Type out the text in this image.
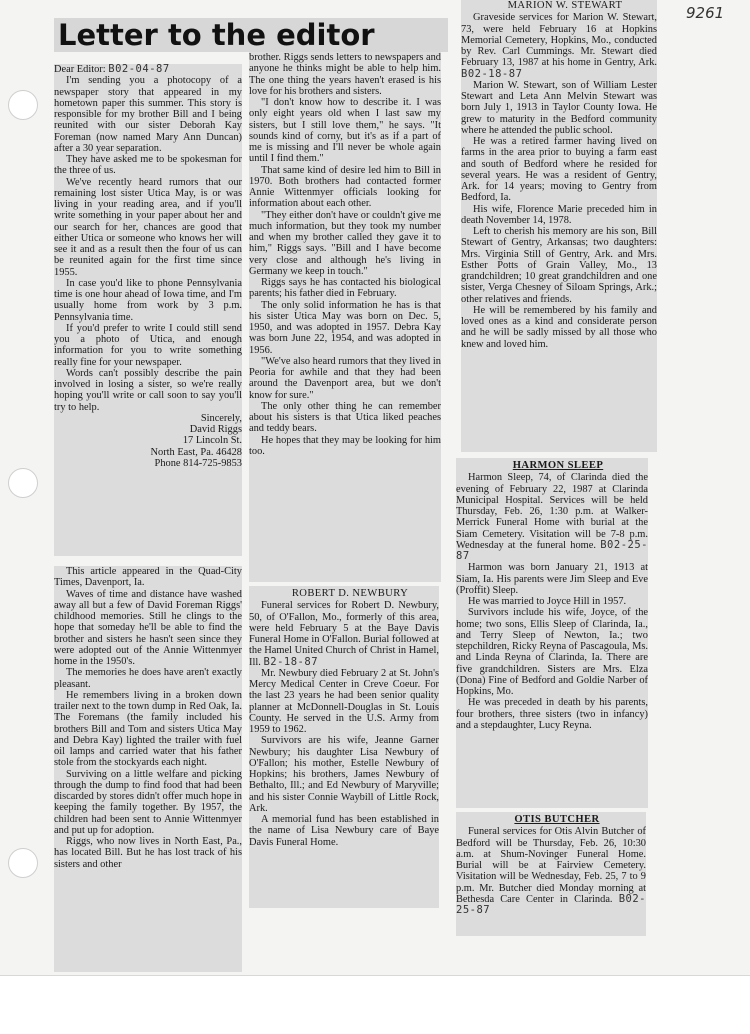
9261
Letter to the editor

Dear Editor: B02-04-87

I'm sending you a photocopy of a newspaper story that appeared in my hometown paper this summer. This story is responsible for my brother Bill and I being reunited with our sister Deborah Kay Foreman (now named Mary Ann Duncan) after a 30 year separation.

They have asked me to be spokesman for the three of us.

We've recently heard rumors that our remaining lost sister Utica May, is or was living in your reading area, and if you'll write something in your paper about her and our search for her, chances are good that either Utica or someone who knows her will see it and as a result then the four of us can be reunited again for the first time since 1955.

In case you'd like to phone Pennsylvania time is one hour ahead of Iowa time, and I'm usually home from work by 3 p.m. Pennsylvania time.

If you'd prefer to write I could still send you a photo of Utica, and enough information for you to write something really fine for your newspaper.

Words can't possibly describe the pain involved in losing a sister, so we're really hoping you'll write or call soon to say you'll try to help.

Sincerely,

David Riggs

17 Lincoln St.

North East, Pa. 46428

Phone 814-725-9853

This article appeared in the Quad-City Times, Davenport, Ia.

Waves of time and distance have washed away all but a few of David Foreman Riggs' childhood memories. Still he clings to the hope that someday he'll be able to find the brother and sisters he hasn't seen since they were adopted out of the Annie Wittenmyer home in the 1950's.

The memories he does have aren't exactly pleasant.

He remembers living in a broken down trailer next to the town dump in Red Oak, Ia. The Foremans (the family included his brothers Bill and Tom and sisters Utica May and Debra Kay) lighted the trailer with fuel oil lamps and carried water that his father stole from the stockyards each night.

Surviving on a little welfare and picking through the dump to find food that had been discarded by stores didn't offer much hope in keeping the family together. By 1957, the children had been sent to Annie Wittenmyer and put up for adoption.

Riggs, who now lives in North East, Pa., has located Bill. But he has lost track of his sisters and other

brother. Riggs sends letters to newspapers and anyone he thinks might be able to help him. The one thing the years haven't erased is his love for his brothers and sisters.

"I don't know how to describe it. I was only eight years old when I last saw my sisters, but I still love them," he says. "It sounds kind of corny, but it's as if a part of me is missing and I'll never be whole again until I find them."

That same kind of desire led him to Bill in 1970. Both brothers had contacted former Annie Wittenmyer officials looking for information about each other.

"They either don't have or couldn't give me much information, but they took my number and when my brother called they gave it to him," Riggs says. "Bill and I have become very close and although he's living in Germany we keep in touch."

Riggs says he has contacted his biological parents; his father died in February.

The only solid information he has is that his sister Utica May was born on Dec. 5, 1950, and was adopted in 1957. Debra Kay was born June 22, 1954, and was adopted in 1956.

"We've also heard rumors that they lived in Peoria for awhile and that they had been around the Davenport area, but we don't know for sure."

The only other thing he can remember about his sisters is that Utica liked peaches and teddy bears.

He hopes that they may be looking for him too.

ROBERT D. NEWBURY

Funeral services for Robert D. Newbury, 50, of O'Fallon, Mo., formerly of this area, were held February 5 at the Baye Davis Funeral Home in O'Fallon. Burial followed at the Hamel United Church of Christ in Hamel, Ill. B2-18-87

Mr. Newbury died February 2 at St. John's Mercy Medical Center in Creve Coeur. For the last 23 years he had been senior quality planner at McDonnell-Douglas in St. Louis County. He served in the U.S. Army from 1959 to 1962.

Survivors are his wife, Jeanne Garner Newbury; his daughter Lisa Newbury of O'Fallon; his mother, Estelle Newbury of Hopkins; his brothers, James Newbury of Bethalto, Ill.; and Ed Newbury of Maryville; and his sister Connie Waybill of Little Rock, Ark.

A memorial fund has been established in the name of Lisa Newbury care of Baye Davis Funeral Home.

MARION W. STEWART

Graveside services for Marion W. Stewart, 73, were held February 16 at Hopkins Memorial Cemetery, Hopkins, Mo., conducted by Rev. Carl Cummings. Mr. Stewart died February 13, 1987 at his home in Gentry, Ark. B02-18-87

Marion W. Stewart, son of William Lester Stewart and Leta Ann Melvin Stewart was born July 1, 1913 in Taylor County Iowa. He grew to maturity in the Bedford community where he attended the public school.

He was a retired farmer having lived on farms in the area prior to buying a farm east and south of Bedford where he resided for several years. He was a resident of Gentry, Ark. for 14 years; moving to Gentry from Bedford, Ia.

His wife, Florence Marie preceded him in death November 14, 1978.

Left to cherish his memory are his son, Bill Stewart of Gentry, Arkansas; two daughters: Mrs. Virginia Still of Gentry, Ark. and Mrs. Esther Potts of Grain Valley, Mo., 13 grandchildren; 10 great grandchildren and one sister, Verga Chesney of Siloam Springs, Ark.; other relatives and friends.

He will be remembered by his family and loved ones as a kind and considerate person and he will be sadly missed by all those who knew and loved him.

HARMON SLEEP

Harmon Sleep, 74, of Clarinda died the evening of February 22, 1987 at Clarinda Municipal Hospital. Services will be held Thursday, Feb. 26, 1:30 p.m. at Walker-Merrick Funeral Home with burial at the Siam Cemetery. Visitation will be 7-8 p.m. Wednesday at the funeral home. B02-25-87

Harmon was born January 21, 1913 at Siam, Ia. His parents were Jim Sleep and Eve (Proffit) Sleep.

He was married to Joyce Hill in 1957.

Survivors include his wife, Joyce, of the home; two sons, Ellis Sleep of Clarinda, Ia., and Terry Sleep of Newton, Ia.; two stepchildren, Ricky Reyna of Pascagoula, Ms. and Linda Reyna of Clarinda, Ia. There are five grandchildren. Sisters are Mrs. Elza (Dona) Fine of Bedford and Goldie Narber of Hopkins, Mo.

He was preceded in death by his parents, four brothers, three sisters (two in infancy) and a stepdaughter, Lucy Reyna.

OTIS BUTCHER

Funeral services for Otis Alvin Butcher of Bedford will be Thursday, Feb. 26, 10:30 a.m. at Shum-Novinger Funeral Home. Burial will be at Fairview Cemetery. Visitation will be Wednesday, Feb. 25, 7 to 9 p.m. Mr. Butcher died Monday morning at Bethesda Care Center in Clarinda. B02-25-87
